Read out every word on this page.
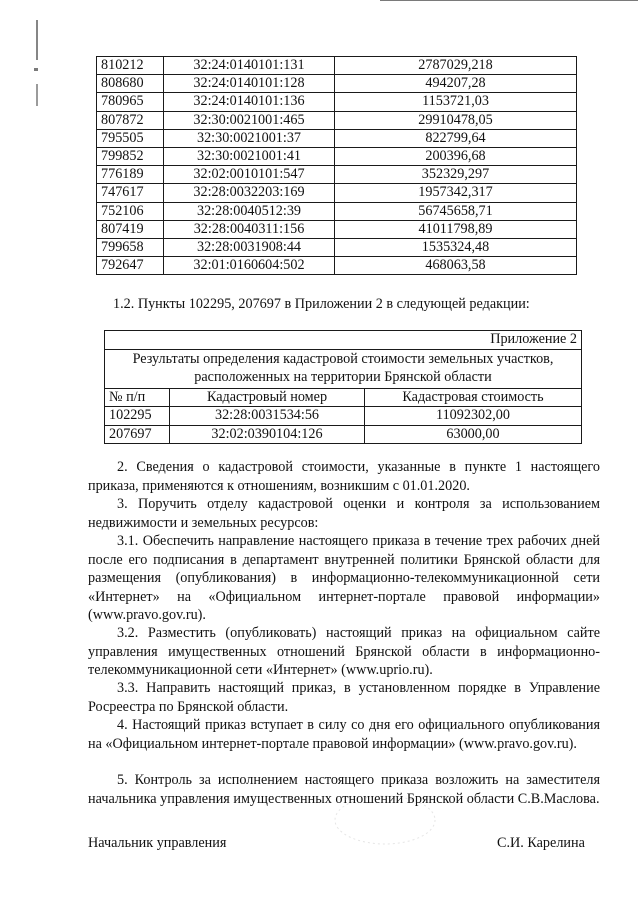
810212	32:24:0140101:131	2787029,218
808680	32:24:0140101:128	494207,28
780965	32:24:0140101:136	1153721,03
807872	32:30:0021001:465	29910478,05
795505	32:30:0021001:37	822799,64
799852	32:30:0021001:41	200396,68
776189	32:02:0010101:547	352329,297
747617	32:28:0032203:169	1957342,317
752106	32:28:0040512:39	56745658,71
807419	32:28:0040311:156	41011798,89
799658	32:28:0031908:44	1535324,48
792647	32:01:0160604:502	468063,58
1.2. Пункты 102295, 207697 в Приложении 2 в следующей редакции:
Приложение 2		
Результаты определения кадастровой стоимости земельных участков, расположенных на территории Брянской области		
№ п/п	Кадастровый номер	Кадастровая стоимость
102295	32:28:0031534:56	11092302,00
207697	32:02:0390104:126	63000,00
2. Сведения о кадастровой стоимости, указанные в пункте 1 настоящего приказа, применяются к отношениям, возникшим с 01.01.2020.
3. Поручить отделу кадастровой оценки и контроля за использованием недвижимости и земельных ресурсов:
3.1. Обеспечить направление настоящего приказа в течение трех рабочих дней после его подписания в департамент внутренней политики Брянской области для размещения (опубликования) в информационно-телекоммуникационной сети «Интернет» на «Официальном интернет-портале правовой информации» (www.pravo.gov.ru).
3.2. Разместить (опубликовать) настоящий приказ на официальном сайте управления имущественных отношений Брянской области в информационно-телекоммуникационной сети «Интернет» (www.uprio.ru).
3.3. Направить настоящий приказ, в установленном порядке в Управление Росреестра по Брянской области.
4. Настоящий приказ вступает в силу со дня его официального опубликования на «Официальном интернет-портале правовой информации» (www.pravo.gov.ru).
5. Контроль за исполнением настоящего приказа возложить на заместителя начальника управления имущественных отношений Брянской области С.В.Маслова.
Начальник управления	С.И. Карелина
